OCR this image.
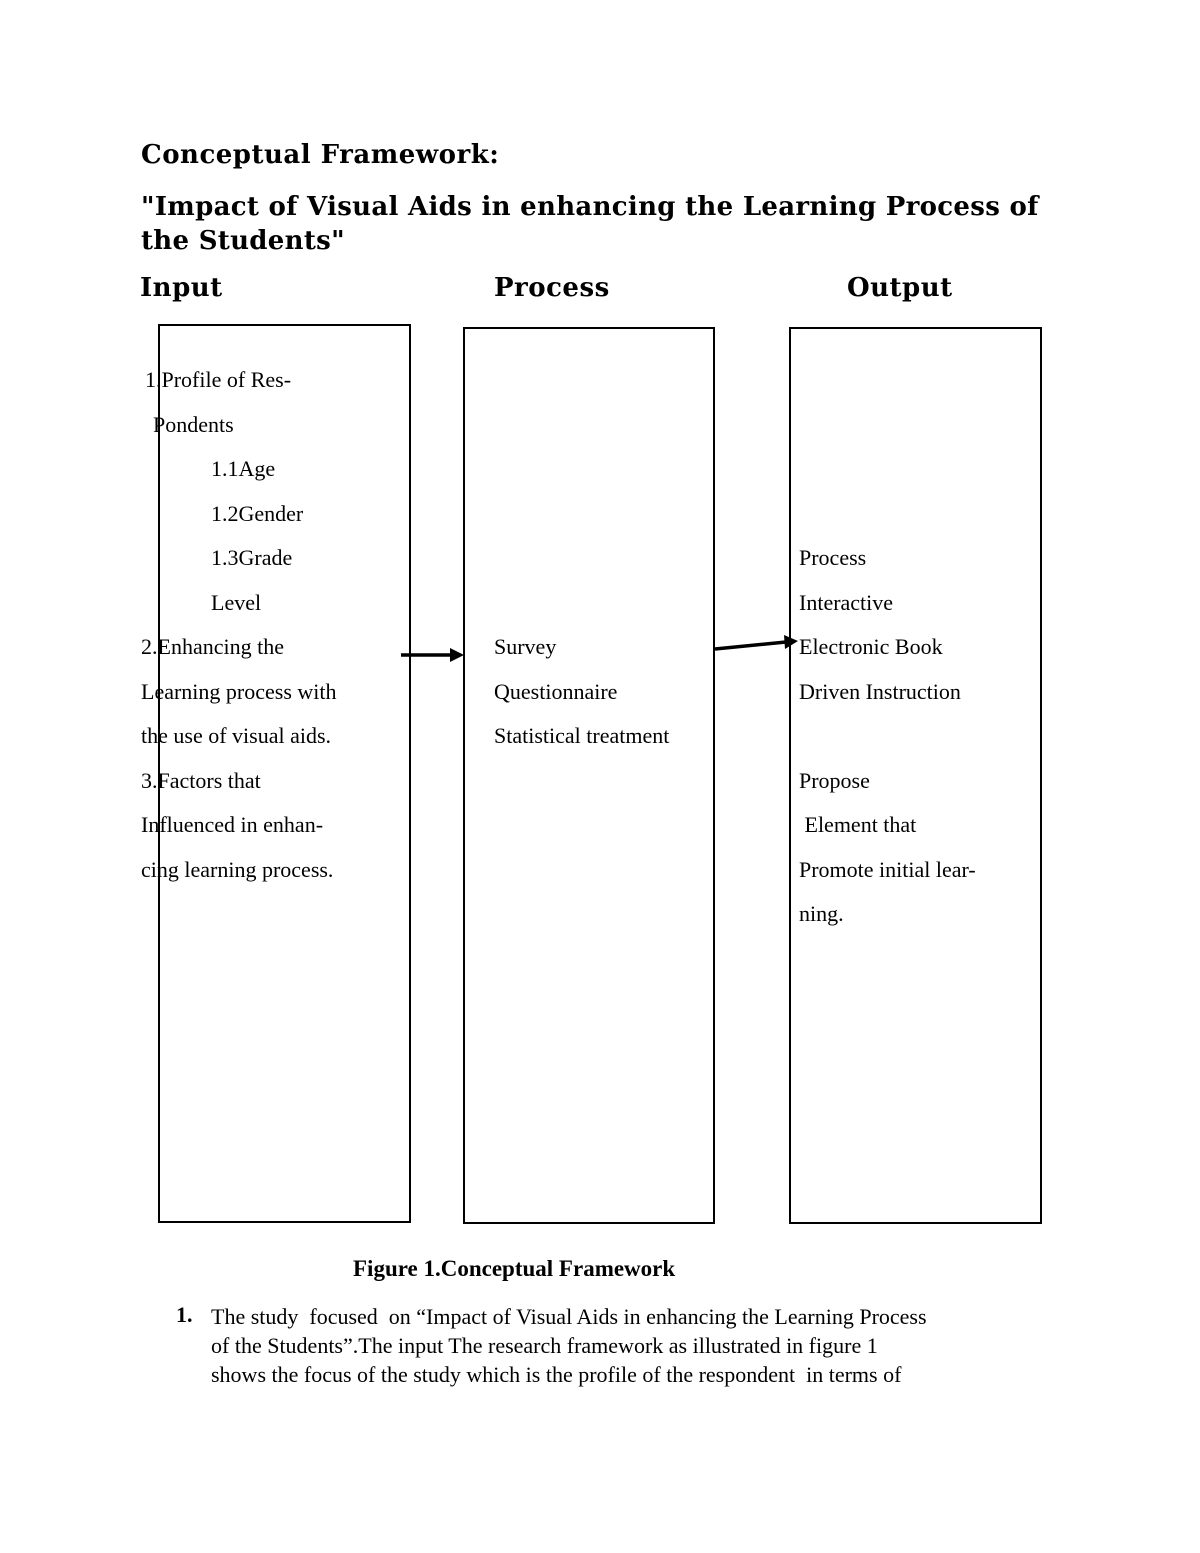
Conceptual Framework:
"Impact of Visual Aids in enhancing the Learning Process of the Students"
Input	Process	Output
1.Profile of Res-
Pondents
1.1Age
1.2Gender
1.3Grade
Level
2.Enhancing the
Learning process with
the use of visual aids.
3.Factors that
Influenced in enhan-
cing learning process.
Survey
Questionnaire
Statistical treatment
Process
Interactive
Electronic Book
Driven Instruction
Propose
Element that
Promote initial lear-
ning.
Figure 1.Conceptual Framework
1. The study  focused  on “Impact of Visual Aids in enhancing the Learning Process
of the Students”.The input The research framework as illustrated in figure 1
shows the focus of the study which is the profile of the respondent  in terms of
